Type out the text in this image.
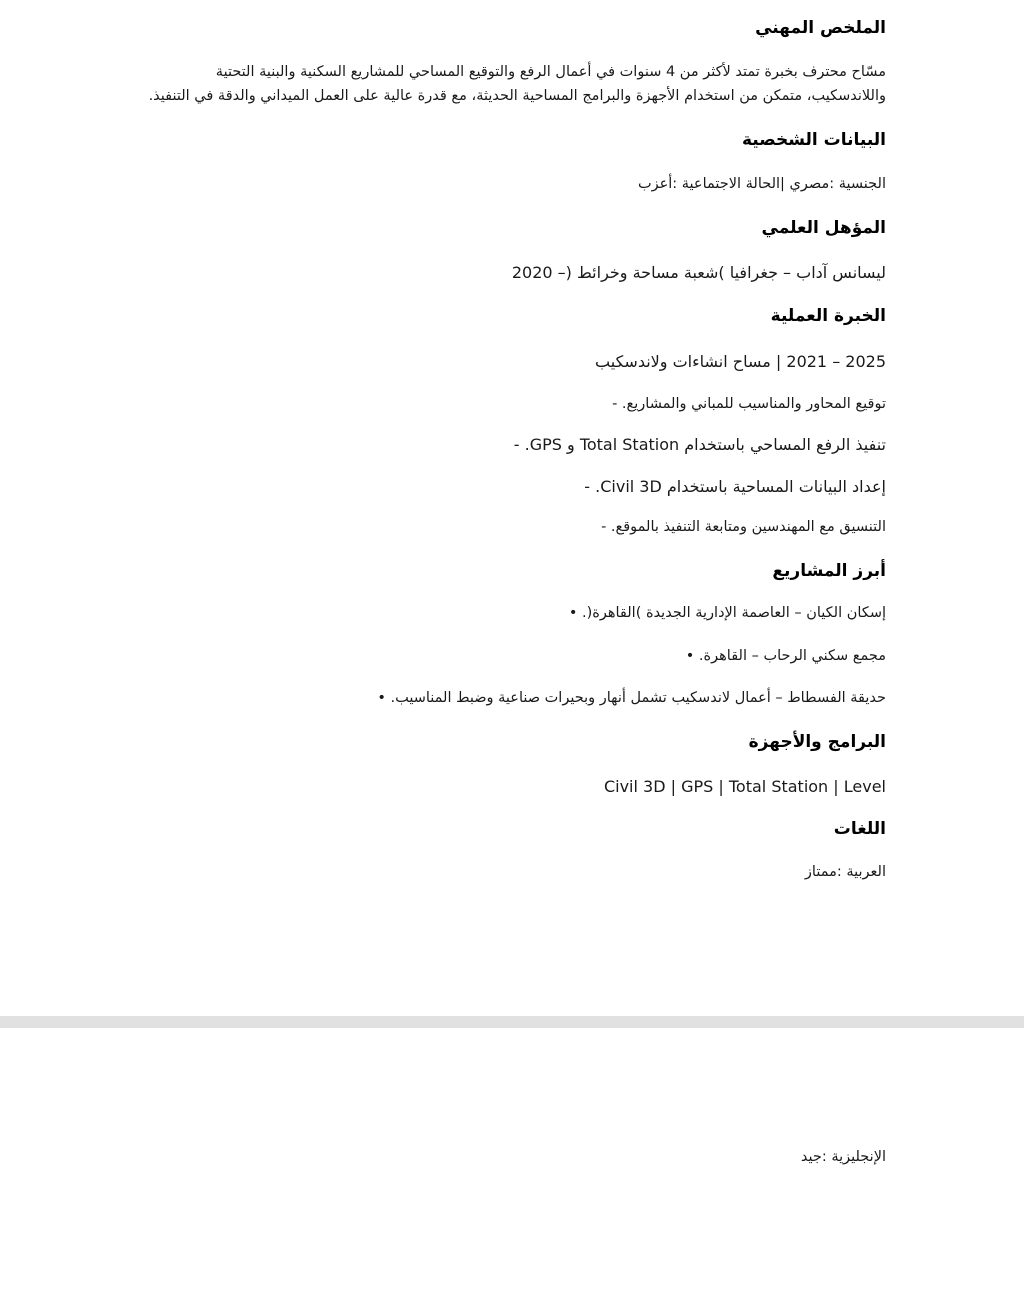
الملخص المهني
مسّاح محترف بخبرة تمتد لأكثر من 4 سنوات في أعمال الرفع والتوقيع المساحي للمشاريع السكنية والبنية التحتية
واللاندسكيب، متمكن من استخدام الأجهزة والبرامج المساحية الحديثة، مع قدرة عالية على العمل الميداني والدقة في التنفيذ.
البيانات الشخصية
الجنسية :مصري |الحالة الاجتماعية :أعزب
المؤهل العلمي
ليسانس آداب – جغرافيا )شعبة مساحة وخرائط (– 2020
الخبرة العملية
2025 – 2021 | مساح انشاءات ولاندسكيب
توقيع المحاور والمناسيب للمباني والمشاريع. -
تنفيذ الرفع المساحي باستخدام Total Station و GPS. -
إعداد البيانات المساحية باستخدام Civil 3D. -
التنسيق مع المهندسين ومتابعة التنفيذ بالموقع. -
أبرز المشاريع
إسكان الكيان – العاصمة الإدارية الجديدة )القاهرة(. •
مجمع سكني الرحاب – القاهرة. •
حديقة الفسطاط – أعمال لاندسكيب تشمل أنهار وبحيرات صناعية وضبط المناسيب. •
البرامج والأجهزة
Civil 3D | GPS | Total Station | Level
اللغات
العربية :ممتاز
الإنجليزية :جيد
